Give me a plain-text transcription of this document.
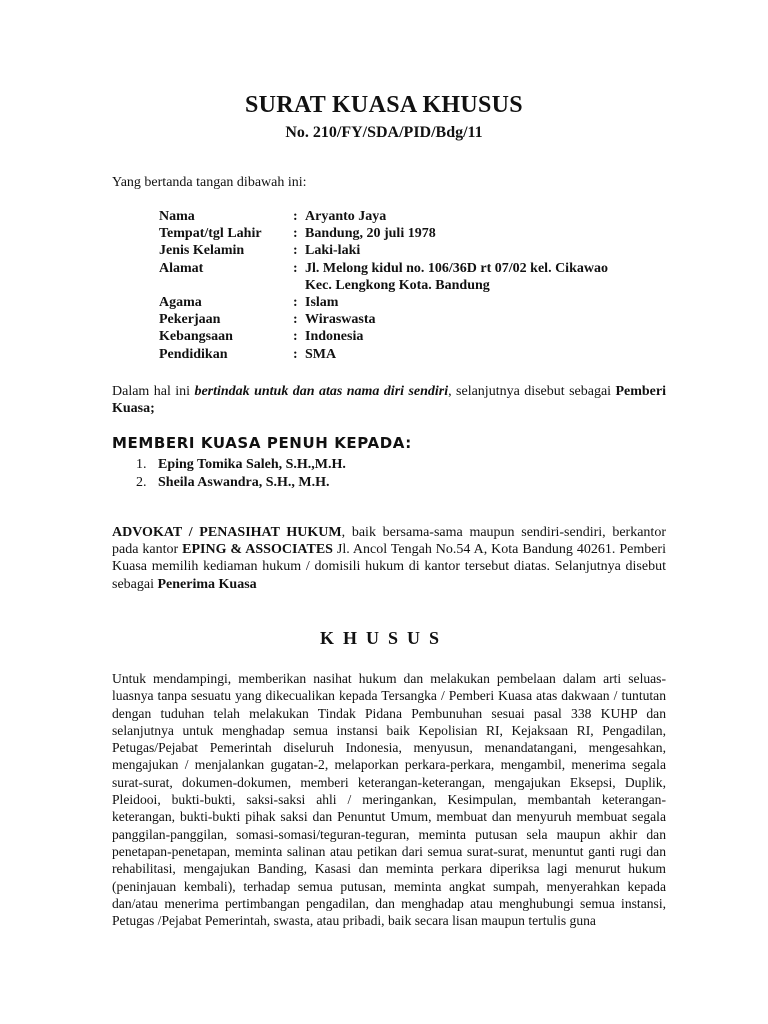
SURAT KUASA KHUSUS
No. 210/FY/SDA/PID/Bdg/11
Yang bertanda tangan dibawah ini:
Nama	: Aryanto Jaya
Tempat/tgl Lahir	: Bandung, 20 juli 1978
Jenis Kelamin	: Laki-laki
Alamat	: Jl. Melong kidul no. 106/36D rt 07/02 kel. Cikawao
Kec. Lengkong Kota. Bandung
Agama	: Islam
Pekerjaan	: Wiraswasta
Kebangsaan	: Indonesia
Pendidikan	: SMA
Dalam hal ini bertindak untuk dan atas nama diri sendiri, selanjutnya disebut sebagai Pemberi Kuasa;
MEMBERI KUASA PENUH KEPADA:
1. Eping Tomika Saleh, S.H.,M.H.
2. Sheila Aswandra, S.H., M.H.
ADVOKAT / PENASIHAT HUKUM, baik bersama-sama maupun sendiri-sendiri, berkantor pada kantor EPING & ASSOCIATES Jl. Ancol Tengah No.54 A, Kota Bandung 40261. Pemberi Kuasa memilih kediaman hukum / domisili hukum di kantor tersebut diatas. Selanjutnya disebut sebagai Penerima Kuasa
KHUSUS
Untuk mendampingi, memberikan nasihat hukum dan melakukan pembelaan dalam arti seluas-luasnya tanpa sesuatu yang dikecualikan kepada Tersangka / Pemberi Kuasa atas dakwaan / tuntutan dengan tuduhan telah melakukan Tindak Pidana Pembunuhan sesuai pasal 338 KUHP dan selanjutnya untuk menghadap semua instansi baik Kepolisian RI, Kejaksaan RI, Pengadilan, Petugas/Pejabat Pemerintah diseluruh Indonesia, menyusun, menandatangani, mengesahkan, mengajukan / menjalankan gugatan-2, melaporkan perkara-perkara, mengambil, menerima segala surat-surat, dokumen-dokumen, memberi keterangan-keterangan, mengajukan Eksepsi, Duplik, Pleidooi, bukti-bukti, saksi-saksi ahli / meringankan, Kesimpulan, membantah keterangan-keterangan, bukti-bukti pihak saksi dan Penuntut Umum, membuat dan menyuruh membuat segala panggilan-panggilan, somasi-somasi/teguran-teguran, meminta putusan sela maupun akhir dan penetapan-penetapan, meminta salinan atau petikan dari semua surat-surat, menuntut ganti rugi dan rehabilitasi, mengajukan Banding, Kasasi dan meminta perkara diperiksa lagi menurut hukum (peninjauan kembali), terhadap semua putusan, meminta angkat sumpah, menyerahkan kepada dan/atau menerima pertimbangan pengadilan, dan menghadap atau menghubungi semua instansi, Petugas /Pejabat Pemerintah, swasta, atau pribadi, baik secara lisan maupun tertulis guna
